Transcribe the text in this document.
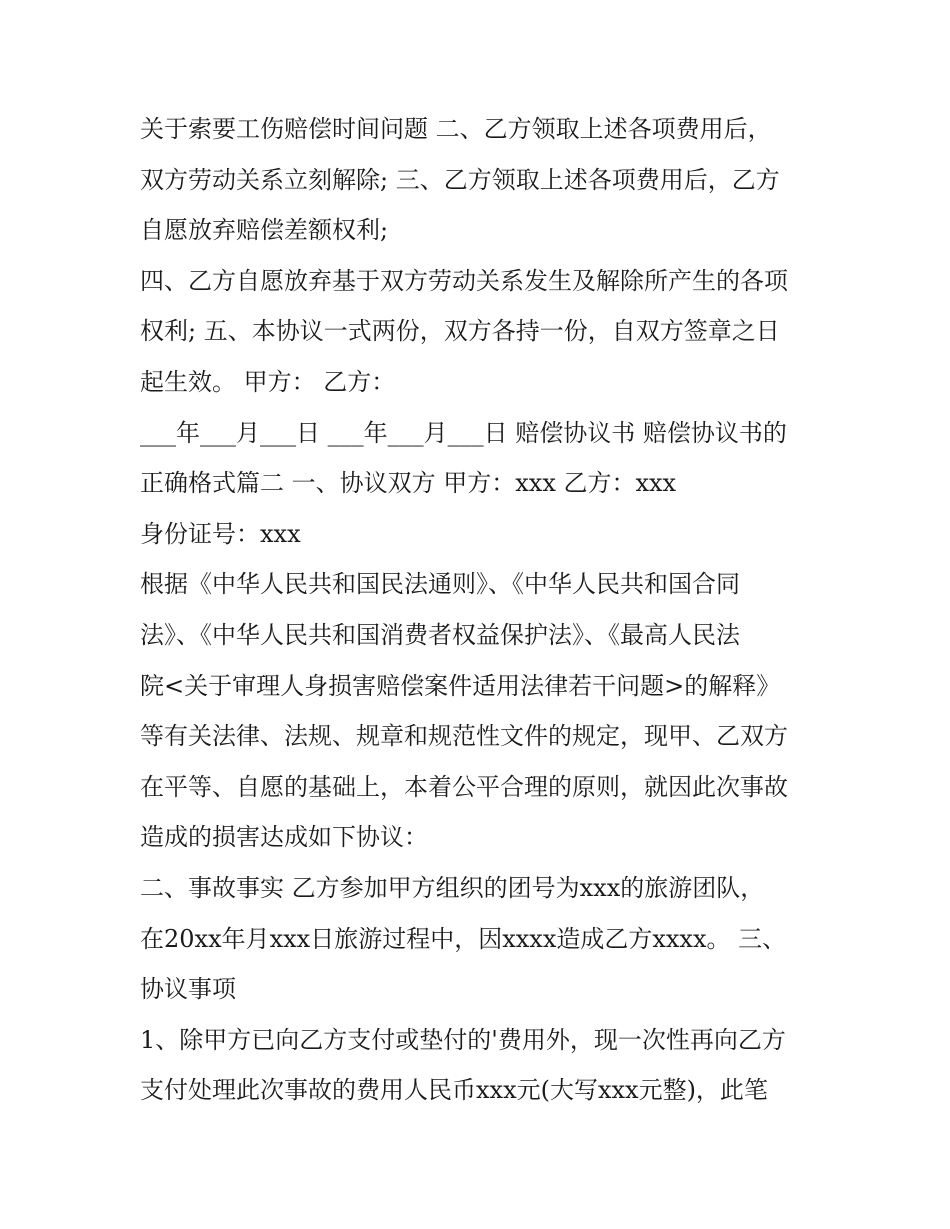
关于索要工伤赔偿时间问题 二、乙方领取上述各项费用后，
双方劳动关系立刻解除; 三、乙方领取上述各项费用后，乙方
自愿放弃赔偿差额权利;
四、乙方自愿放弃基于双方劳动关系发生及解除所产生的各项
权利; 五、本协议一式两份，双方各持一份，自双方签章之日
起生效。 甲方： 乙方：
___年___月___日 ___年___月___日 赔偿协议书 赔偿协议书的
正确格式篇二 一、协议双方 甲方：xxx 乙方：xxx
身份证号：xxx
根据《中华人民共和国民法通则》、《中华人民共和国合同
法》、《中华人民共和国消费者权益保护法》、《最高人民法
院<关于审理人身损害赔偿案件适用法律若干问题>的解释》
等有关法律、法规、规章和规范性文件的规定，现甲、乙双方
在平等、自愿的基础上，本着公平合理的原则，就因此次事故
造成的损害达成如下协议：
二、事故事实 乙方参加甲方组织的团号为xxx的旅游团队，
在20xx年月xxx日旅游过程中，因xxxx造成乙方xxxx。 三、
协议事项
1、除甲方已向乙方支付或垫付的'费用外，现一次性再向乙方
支付处理此次事故的费用人民币xxx元(大写xxx元整)，此笔
